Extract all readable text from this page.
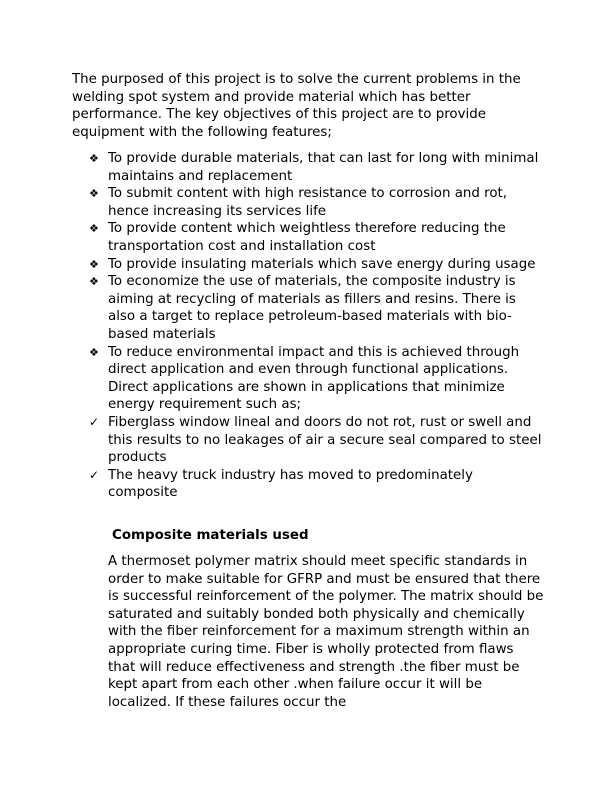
The purposed of this project is to solve the current problems in the welding spot system and provide material which has better performance. The key objectives of this project are to provide equipment with the following features;

❖ To provide durable materials, that can last for long with minimal maintains and replacement
❖ To submit content with high resistance to corrosion and rot, hence increasing its services life
❖ To provide content which weightless therefore reducing the transportation cost and installation cost
❖ To provide insulating materials which save energy during usage
❖ To economize the use of materials, the composite industry is aiming at recycling of materials as fillers and resins. There is also a target to replace petroleum-based materials with bio-based materials
❖ To reduce environmental impact and this is achieved through direct application and even through functional applications. Direct applications are shown in applications that minimize energy requirement such as;
✓ Fiberglass window lineal and doors do not rot, rust or swell and this results to no leakages of air a secure seal compared to steel products
✓ The heavy truck industry has moved to predominately composite
Composite materials used

A thermoset polymer matrix should meet specific standards in order to make suitable for GFRP and must be ensured that there is successful reinforcement of the polymer. The matrix should be saturated and suitably bonded both physically and chemically with the fiber reinforcement for a maximum strength within an appropriate curing time. Fiber is wholly protected from flaws that will reduce effectiveness and strength .the fiber must be kept apart from each other .when failure occur it will be localized. If these failures occur the
